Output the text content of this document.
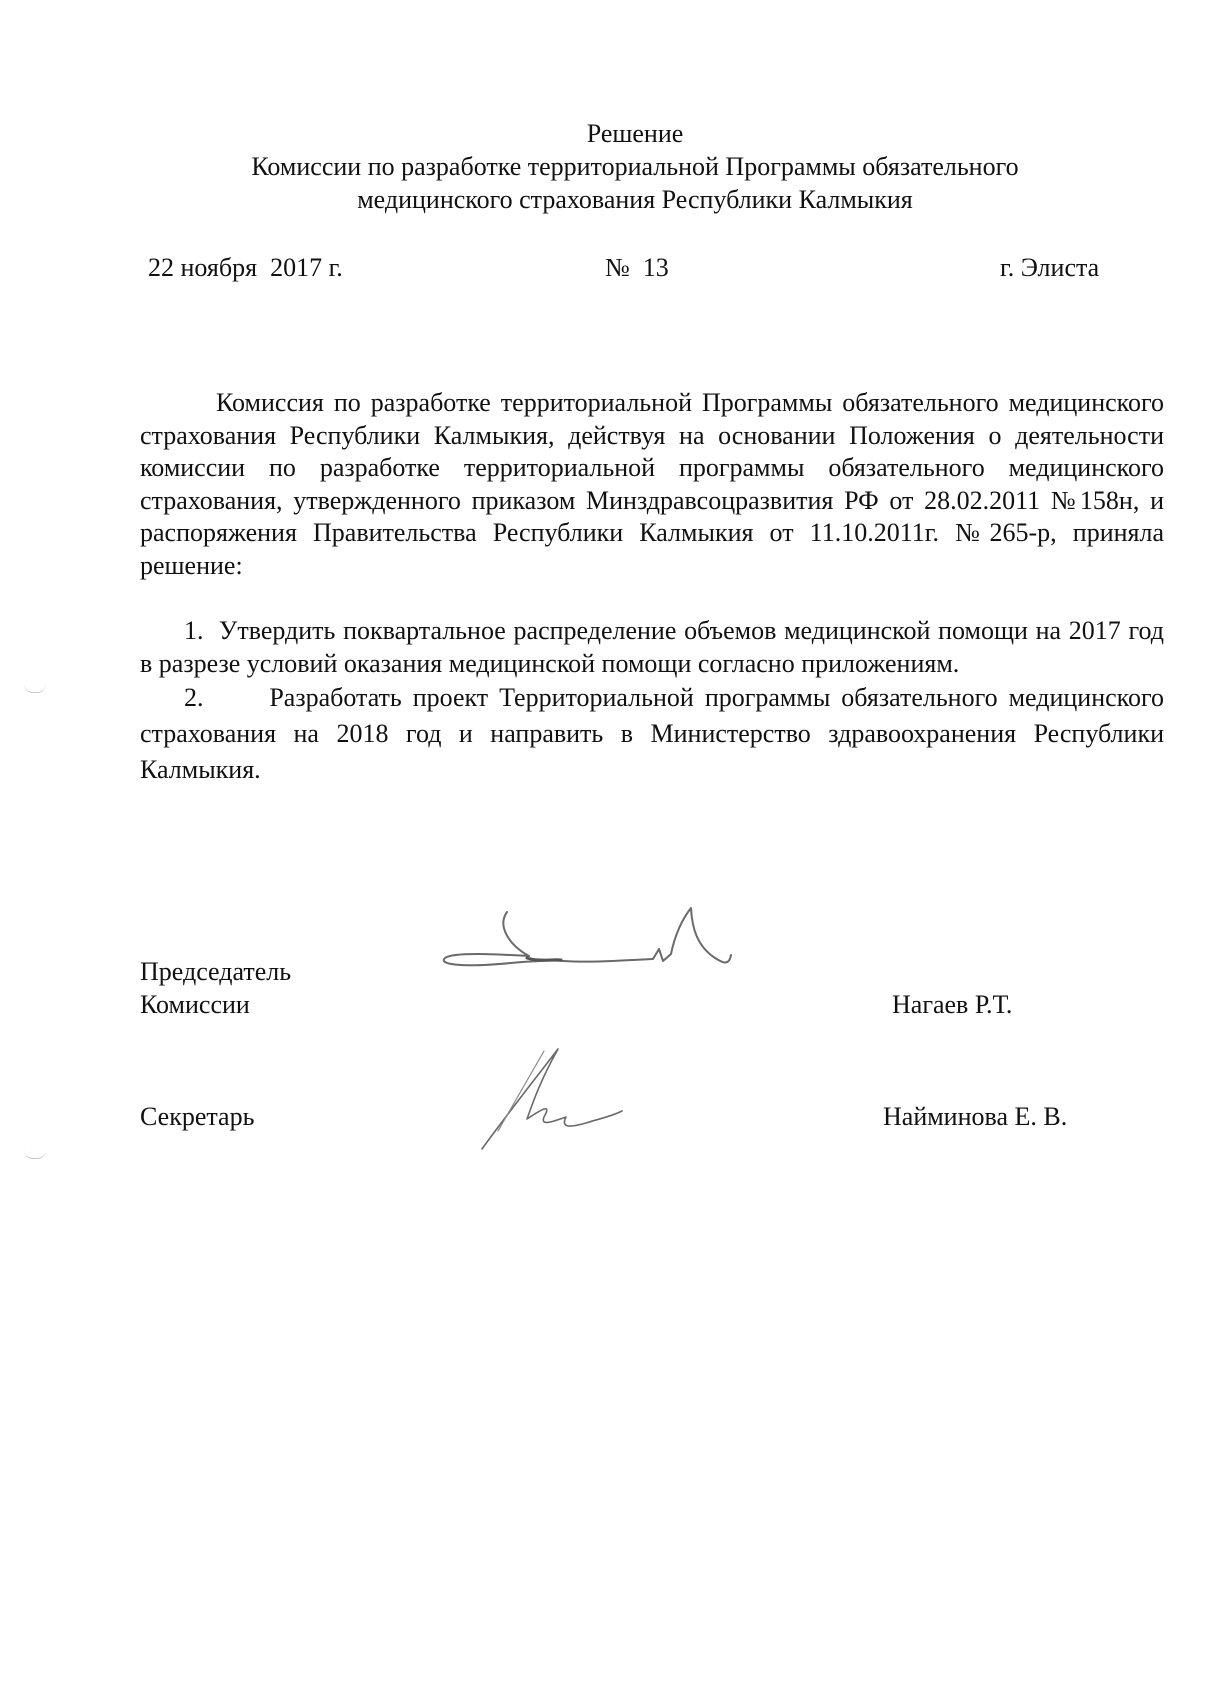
Решение
Комиссии по разработке территориальной Программы обязательного
медицинского страхования Республики Калмыкия
22 ноября  2017 г.	№  13	г. Элиста

Комиссия по разработке территориальной Программы обязательного медицинского страхования Республики Калмыкия, действуя на основании Положения о деятельности комиссии по разработке территориальной программы обязательного медицинского страхования, утвержденного приказом Минздравсоцразвития РФ от 28.02.2011 №158н, и распоряжения Правительства Республики Калмыкия от 11.10.2011г. №265-р, приняла решение:

1. Утвердить поквартальное распределение объемов медицинской помощи на 2017 год в разрезе условий оказания медицинской помощи согласно приложениям.

2.	Разработать проект Территориальной программы обязательного медицинского страхования на 2018 год и направить в Министерство здравоохранения Республики Калмыкия.

Председатель
Комиссии	Нагаев Р.Т.
Секретарь	Найминова Е. В.
